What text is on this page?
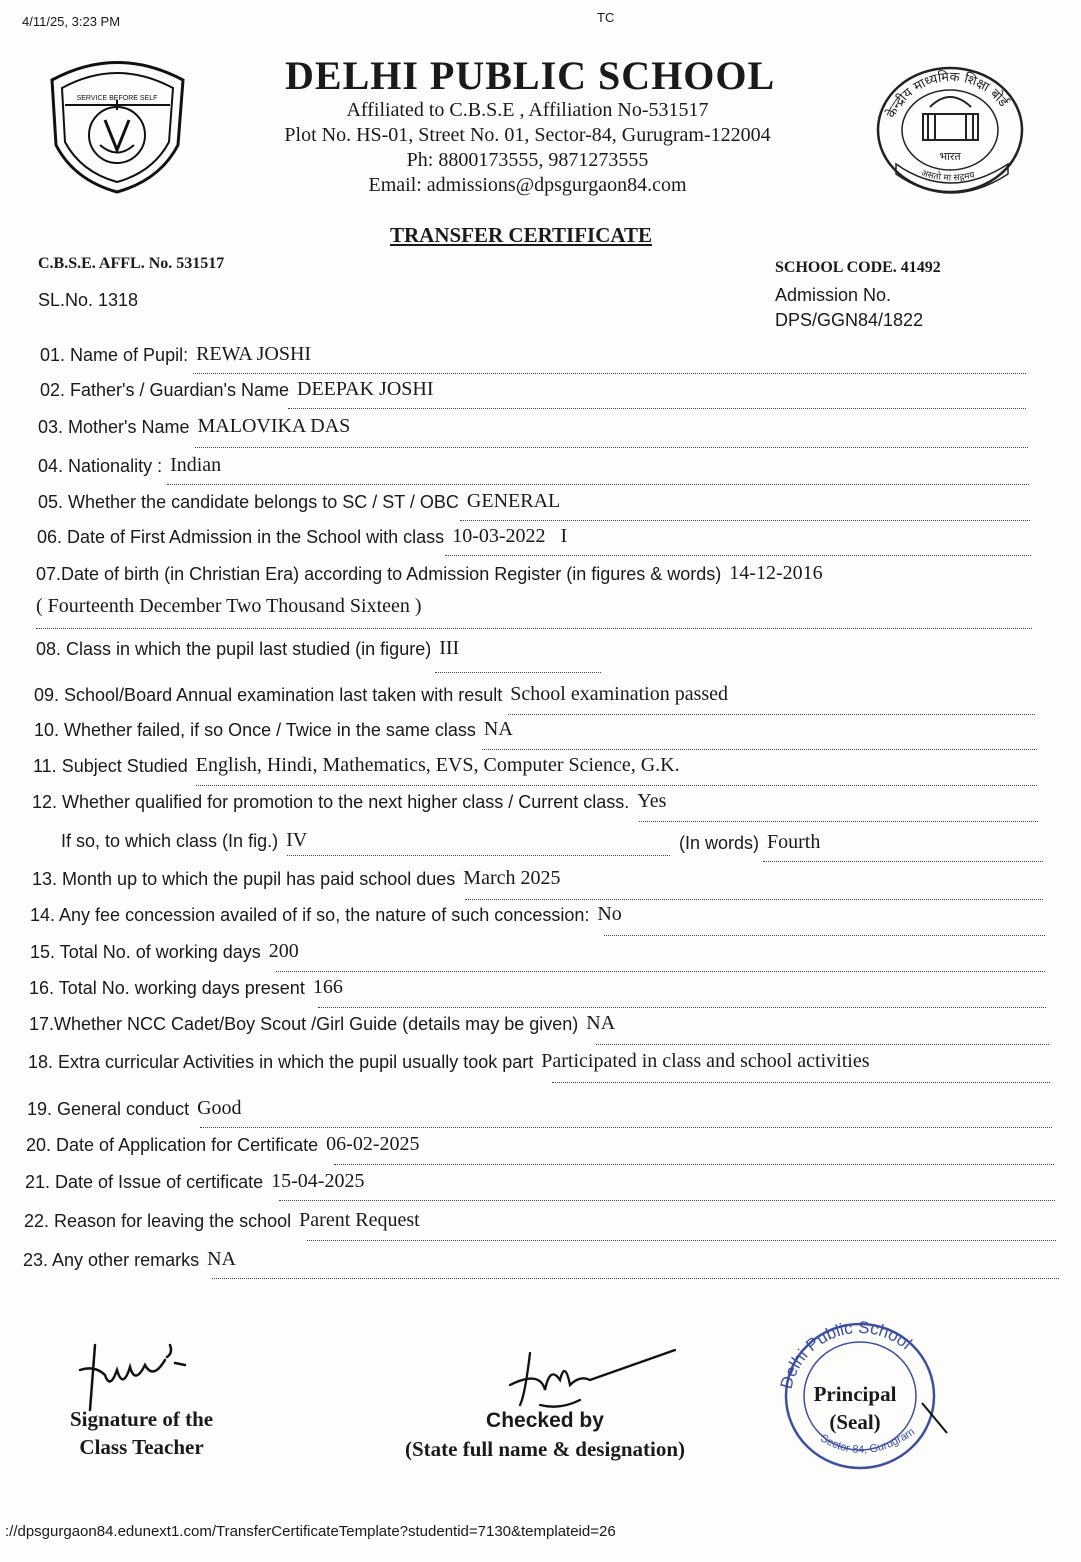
4/11/25, 3:23 PM	TC
SERVICE BEFORE SELF
DELHI PUBLIC SCHOOL
Affiliated to C.B.S.E , Affiliation No-531517
Plot No. HS-01, Street No. 01, Sector-84, Gurugram-122004
Ph: 8800173555, 9871273555
Email: admissions@dpsgurgaon84.com
केन्द्रीय माध्यमिक शिक्षा बोर्ड
भारत
असतो मा सद्गमय
TRANSFER CERTIFICATE
C.B.S.E. AFFL. No. 531517
SL.No. 1318
SCHOOL CODE. 41492
Admission No.
DPS/GGN84/1822
01. Name of Pupil: REWA JOSHI
02. Father's / Guardian's Name DEEPAK JOSHI
03. Mother's Name MALOVIKA DAS
04. Nationality : Indian
05. Whether the candidate belongs to SC / ST / OBC GENERAL
06. Date of First Admission in the School with class 10-03-2022   I
07.Date of birth (in Christian Era) according to Admission Register (in figures & words) 14-12-2016
( Fourteenth December Two Thousand Sixteen )
08. Class in which the pupil last studied (in figure) III
09. School/Board Annual examination last taken with result School examination passed
10. Whether failed, if so Once / Twice in the same class NA
11. Subject Studied English, Hindi, Mathematics, EVS, Computer Science, G.K.
12. Whether qualified for promotion to the next higher class / Current class. Yes
If so, to which class (In fig.) IV	(In words) Fourth
13. Month up to which the pupil has paid school dues March 2025
14. Any fee concession availed of if so, the nature of such concession: No
15. Total No. of working days 200
16. Total No. working days present 166
17.Whether NCC Cadet/Boy Scout /Girl Guide (details may be given) NA
18. Extra curricular Activities in which the pupil usually took part Participated in class and school activities
19. General conduct Good
20. Date of Application for Certificate 06-02-2025
21. Date of Issue of certificate 15-04-2025
22. Reason for leaving the school Parent Request
23. Any other remarks NA
Delhi Public School
Sector 84, Gurugram
Signature of the
Class Teacher
Checked by
(State full name & designation)
Principal
(Seal)
://dpsgurgaon84.edunext1.com/TransferCertificateTemplate?studentid=7130&templateid=26
